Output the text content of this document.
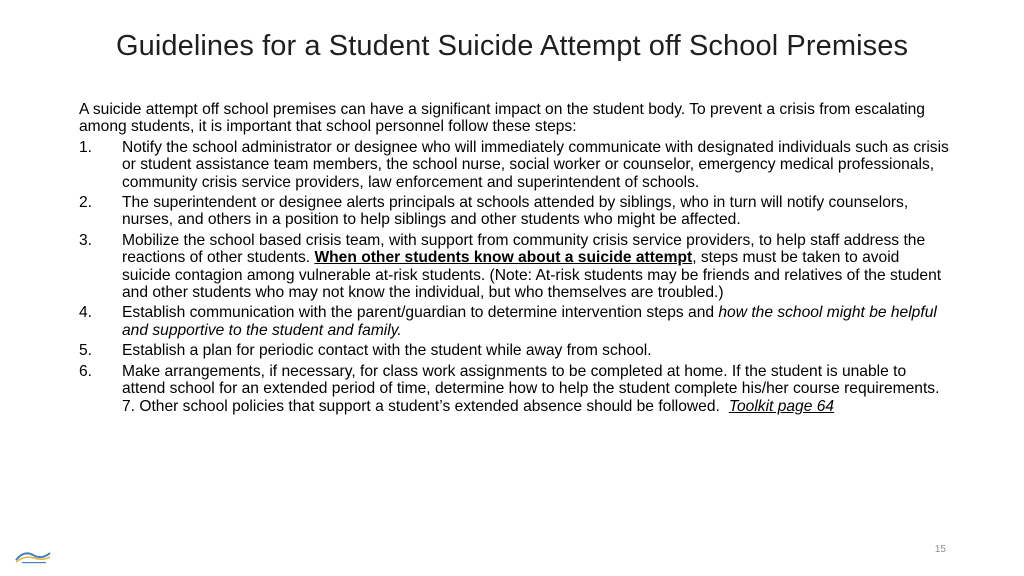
Guidelines for a Student Suicide Attempt off School Premises

A suicide attempt off school premises can have a significant impact on the student body. To prevent a crisis from escalating among students, it is important that school personnel follow these steps:

1. Notify the school administrator or designee who will immediately communicate with designated individuals such as crisis or student assistance team members, the school nurse, social worker or counselor, emergency medical professionals, community crisis service providers, law enforcement and superintendent of schools.
2. The superintendent or designee alerts principals at schools attended by siblings, who in turn will notify counselors, nurses, and others in a position to help siblings and other students who might be affected.
3. Mobilize the school based crisis team, with support from community crisis service providers, to help staff address the reactions of other students. When other students know about a suicide attempt, steps must be taken to avoid suicide contagion among vulnerable at-risk students. (Note: At-risk students may be friends and relatives of the student and other students who may not know the individual, but who themselves are troubled.)
4. Establish communication with the parent/guardian to determine intervention steps and how the school might be helpful and supportive to the student and family.
5. Establish a plan for periodic contact with the student while away from school.
6. Make arrangements, if necessary, for class work assignments to be completed at home. If the student is unable to attend school for an extended period of time, determine how to help the student complete his/her course requirements. 7. Other school policies that support a student’s extended absence should be followed. Toolkit page 64
15
